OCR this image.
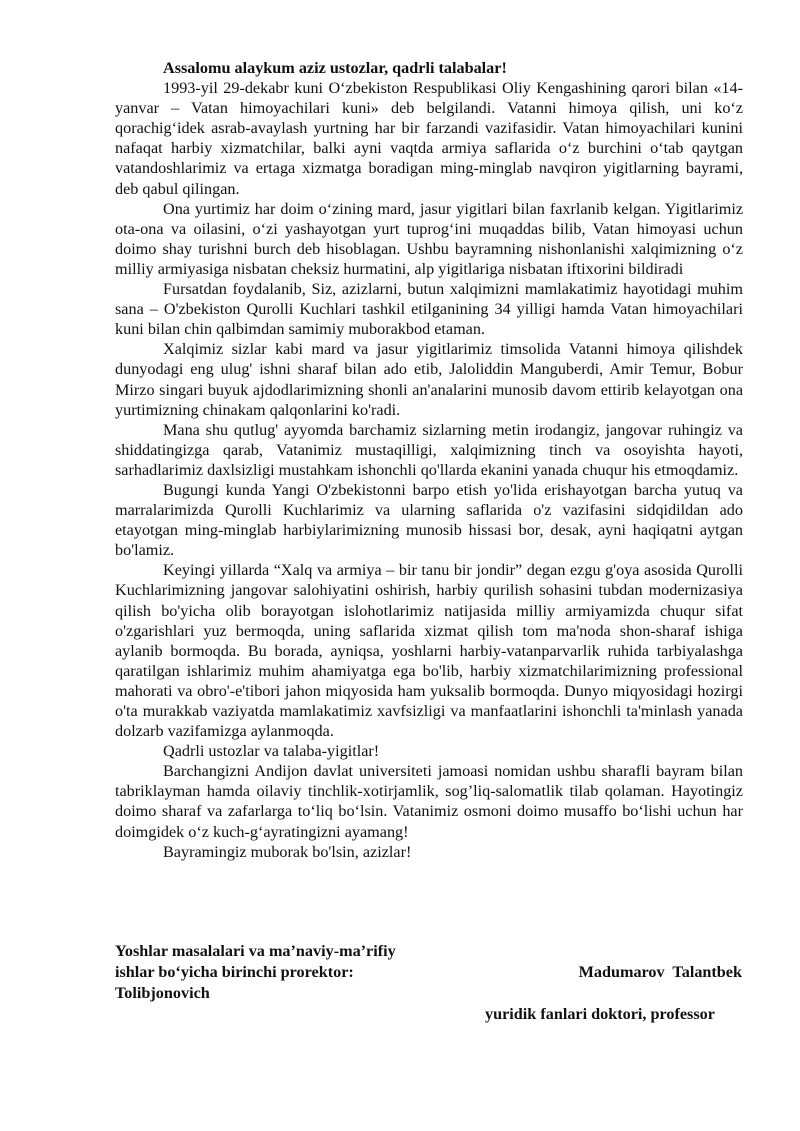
Assalomu alaykum aziz ustozlar, qadrli talabalar!

1993-yil 29-dekabr kuni O‘zbekiston Respublikasi Oliy Kengashining qarori bilan «14-yanvar – Vatan himoyachilari kuni» deb belgilandi. Vatanni himoya qilish, uni ko‘z qorachig‘idek asrab-avaylash yurtning har bir farzandi vazifasidir. Vatan himoyachilari kunini nafaqat harbiy xizmatchilar, balki ayni vaqtda armiya saflarida o‘z burchini o‘tab qaytgan vatandoshlarimiz va ertaga xizmatga boradigan ming-minglab navqiron yigitlarning bayrami, deb qabul qilingan.

Ona yurtimiz har doim o‘zining mard, jasur yigitlari bilan faxrlanib kelgan. Yigitlarimiz ota-ona va oilasini, o‘zi yashayotgan yurt tuprog‘ini muqaddas bilib, Vatan himoyasi uchun doimo shay turishni burch deb hisoblagan. Ushbu bayramning nishonlanishi xalqimizning o‘z milliy armiyasiga nisbatan cheksiz hurmatini, alp yigitlariga nisbatan iftixorini bildiradi

Fursatdan foydalanib, Siz, azizlarni, butun xalqimizni mamlakatimiz hayotidagi muhim sana – O'zbekiston Qurolli Kuchlari tashkil etilganining 34 yilligi hamda Vatan himoyachilari kuni bilan chin qalbimdan samimiy muborakbod etaman.

Xalqimiz sizlar kabi mard va jasur yigitlarimiz timsolida Vatanni himoya qilishdek dunyodagi eng ulug' ishni sharaf bilan ado etib, Jaloliddin Manguberdi, Amir Temur, Bobur Mirzo singari buyuk ajdodlarimizning shonli an'analarini munosib davom ettirib kelayotgan ona yurtimizning chinakam qalqonlarini ko'radi.

Mana shu qutlug' ayyomda barchamiz sizlarning metin irodangiz, jangovar ruhingiz va shiddatingizga qarab, Vatanimiz mustaqilligi, xalqimizning tinch va osoyishta hayoti, sarhadlarimiz daxlsizligi mustahkam ishonchli qo'llarda ekanini yanada chuqur his etmoqdamiz.

Bugungi kunda Yangi O'zbekistonni barpo etish yo'lida erishayotgan barcha yutuq va marralarimizda Qurolli Kuchlarimiz va ularning saflarida o'z vazifasini sidqidildan ado etayotgan ming-minglab harbiylarimizning munosib hissasi bor, desak, ayni haqiqatni aytgan bo'lamiz.

Keyingi yillarda “Xalq va armiya – bir tanu bir jondir” degan ezgu g'oya asosida Qurolli Kuchlarimizning jangovar salohiyatini oshirish, harbiy qurilish sohasini tubdan modernizasiya qilish bo'yicha olib borayotgan islohotlarimiz natijasida milliy armiyamizda chuqur sifat o'zgarishlari yuz bermoqda, uning saflarida xizmat qilish tom ma'noda shon-sharaf ishiga aylanib bormoqda. Bu borada, ayniqsa, yoshlarni harbiy-vatanparvarlik ruhida tarbiyalashga qaratilgan ishlarimiz muhim ahamiyatga ega bo'lib, harbiy xizmatchilarimizning professional mahorati va obro'-e'tibori jahon miqyosida ham yuksalib bormoqda. Dunyo miqyosidagi hozirgi o'ta murakkab vaziyatda mamlakatimiz xavfsizligi va manfaatlarini ishonchli ta'minlash yanada dolzarb vazifamizga aylanmoqda.

Qadrli ustozlar va talaba-yigitlar!

Barchangizni Andijon davlat universiteti jamoasi nomidan ushbu sharafli bayram bilan tabriklayman hamda oilaviy tinchlik-xotirjamlik, sog’liq-salomatlik tilab qolaman. Hayotingiz doimo sharaf va zafarlarga to‘liq bo‘lsin. Vatanimiz osmoni doimo musaffo bo‘lishi uchun har doimgidek o‘z kuch-g‘ayratingizni ayamang!

Bayramingiz muborak bo'lsin, azizlar!

Yoshlar masalalari va ma’naviy-ma’rifiy
ishlar bo‘yicha birinchi prorektor:	Madumarov  Talantbek
Tolibjonovich
yuridik fanlari doktori, professor
